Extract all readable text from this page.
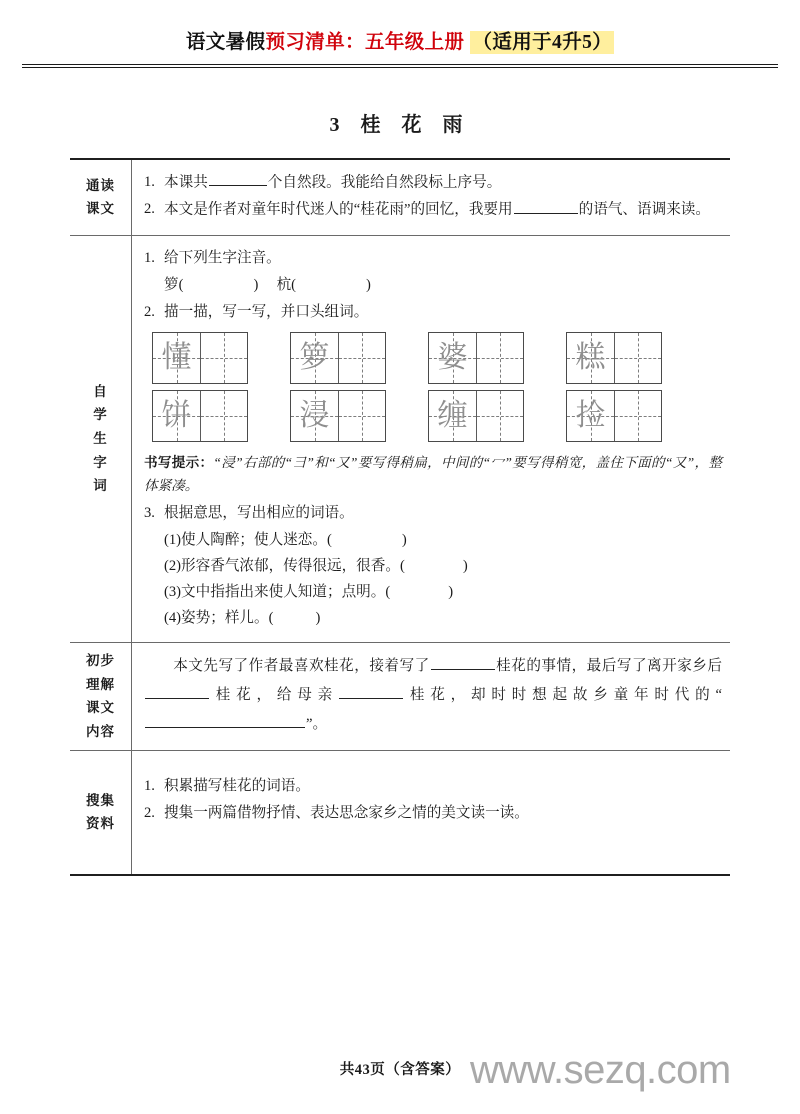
语文暑假预习清单：五年级上册 （适用于4升5）
3 桂 花 雨
通读
课文
1. 本课共	个自然段。我能给自然段标上序号。
2. 本文是作者对童年时代迷人的“桂花雨”的回忆，我要用	的语气、语调来读。
自
学
生
字
词
1. 给下列生字注音。
箩(	)     杭(	)
2. 描一描，写一写，并口头组词。
懂	箩	婆	糕
饼	浸	缠	捡
书写提示：“浸”右部的“彐”和“又”要写得稍扁，中间的“冖”要写得稍宽，盖住下面的“又”，整体紧凑。
3. 根据意思，写出相应的词语。
(1)使人陶醉；使人迷恋。(	)
(2)形容香气浓郁，传得很远，很香。(	)
(3)文中指指出来使人知道；点明。(	)
(4)姿势；样儿。(	)
初步
理解
课文
内容
本文先写了作者最喜欢桂花，接着写了	桂花的事情，最后写了离开家乡后桂花，给母亲	桂花，却时时想起故乡童年时代的“”。
搜集
资料
1. 积累描写桂花的词语。
2. 搜集一两篇借物抒情、表达思念家乡之情的美文读一读。
共43页（含答案） www.sezq.com
